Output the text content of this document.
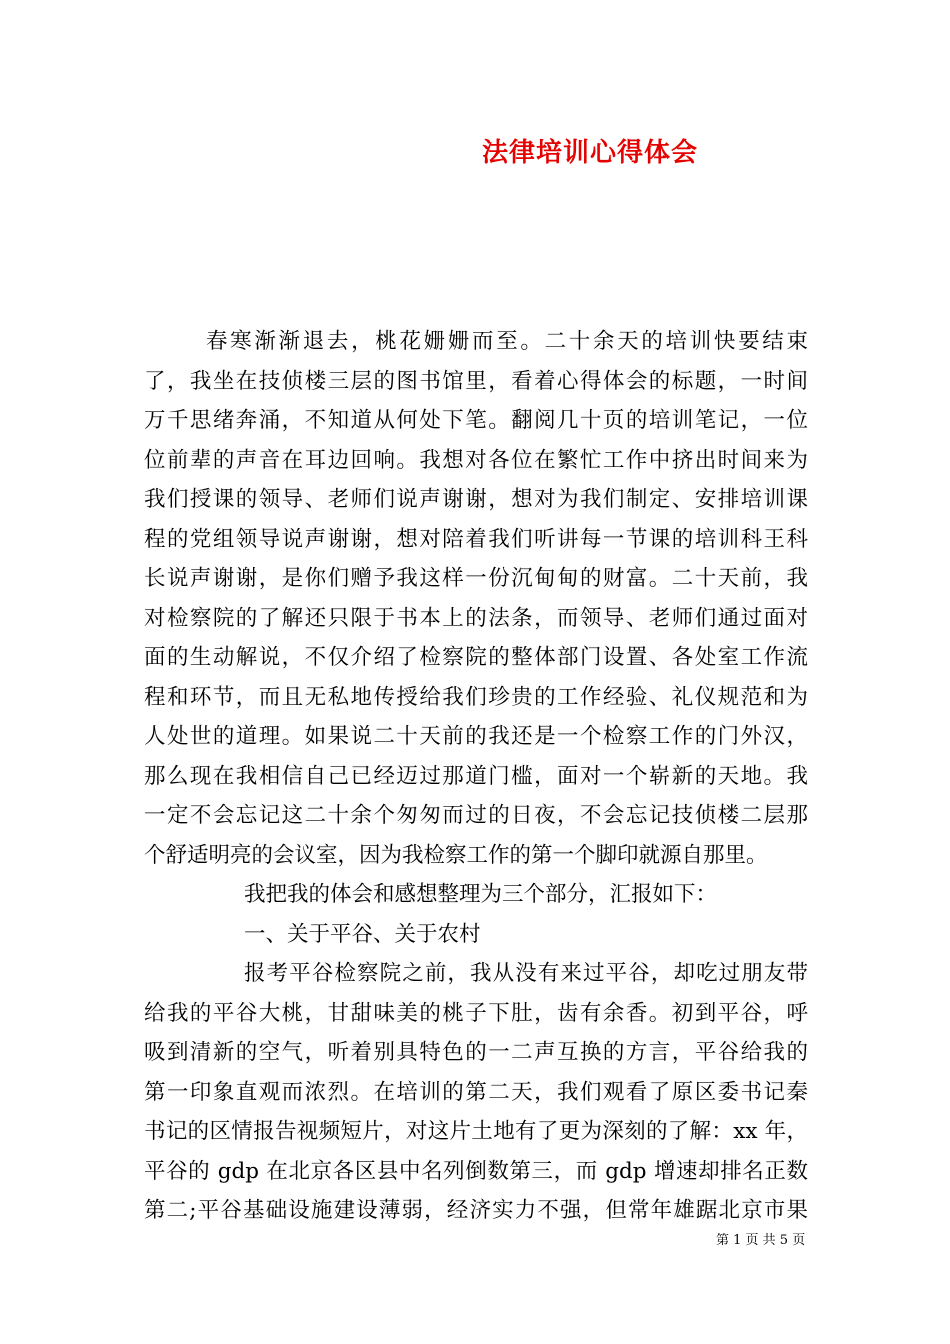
法律培训心得体会
春寒渐渐退去，桃花姗姗而至。二十余天的培训快要结束
了，我坐在技侦楼三层的图书馆里，看着心得体会的标题，一时间
万千思绪奔涌，不知道从何处下笔。翻阅几十页的培训笔记，一位
位前辈的声音在耳边回响。我想对各位在繁忙工作中挤出时间来为
我们授课的领导、老师们说声谢谢，想对为我们制定、安排培训课
程的党组领导说声谢谢，想对陪着我们听讲每一节课的培训科王科
长说声谢谢，是你们赠予我这样一份沉甸甸的财富。二十天前，我
对检察院的了解还只限于书本上的法条，而领导、老师们通过面对
面的生动解说，不仅介绍了检察院的整体部门设置、各处室工作流
程和环节，而且无私地传授给我们珍贵的工作经验、礼仪规范和为
人处世的道理。如果说二十天前的我还是一个检察工作的门外汉，
那么现在我相信自己已经迈过那道门槛，面对一个崭新的天地。我
一定不会忘记这二十余个匆匆而过的日夜，不会忘记技侦楼二层那
个舒适明亮的会议室，因为我检察工作的第一个脚印就源自那里。
我把我的体会和感想整理为三个部分，汇报如下：
一、关于平谷、关于农村
报考平谷检察院之前，我从没有来过平谷，却吃过朋友带
给我的平谷大桃，甘甜味美的桃子下肚，齿有余香。初到平谷，呼
吸到清新的空气，听着别具特色的一二声互换的方言，平谷给我的
第一印象直观而浓烈。在培训的第二天，我们观看了原区委书记秦
书记的区情报告视频短片，对这片土地有了更为深刻的了解：xx 年，
平谷的 gdp 在北京各区县中名列倒数第三，而 gdp 增速却排名正数
第二;平谷基础设施建设薄弱，经济实力不强，但常年雄踞北京市果
第 1 页 共 5 页
